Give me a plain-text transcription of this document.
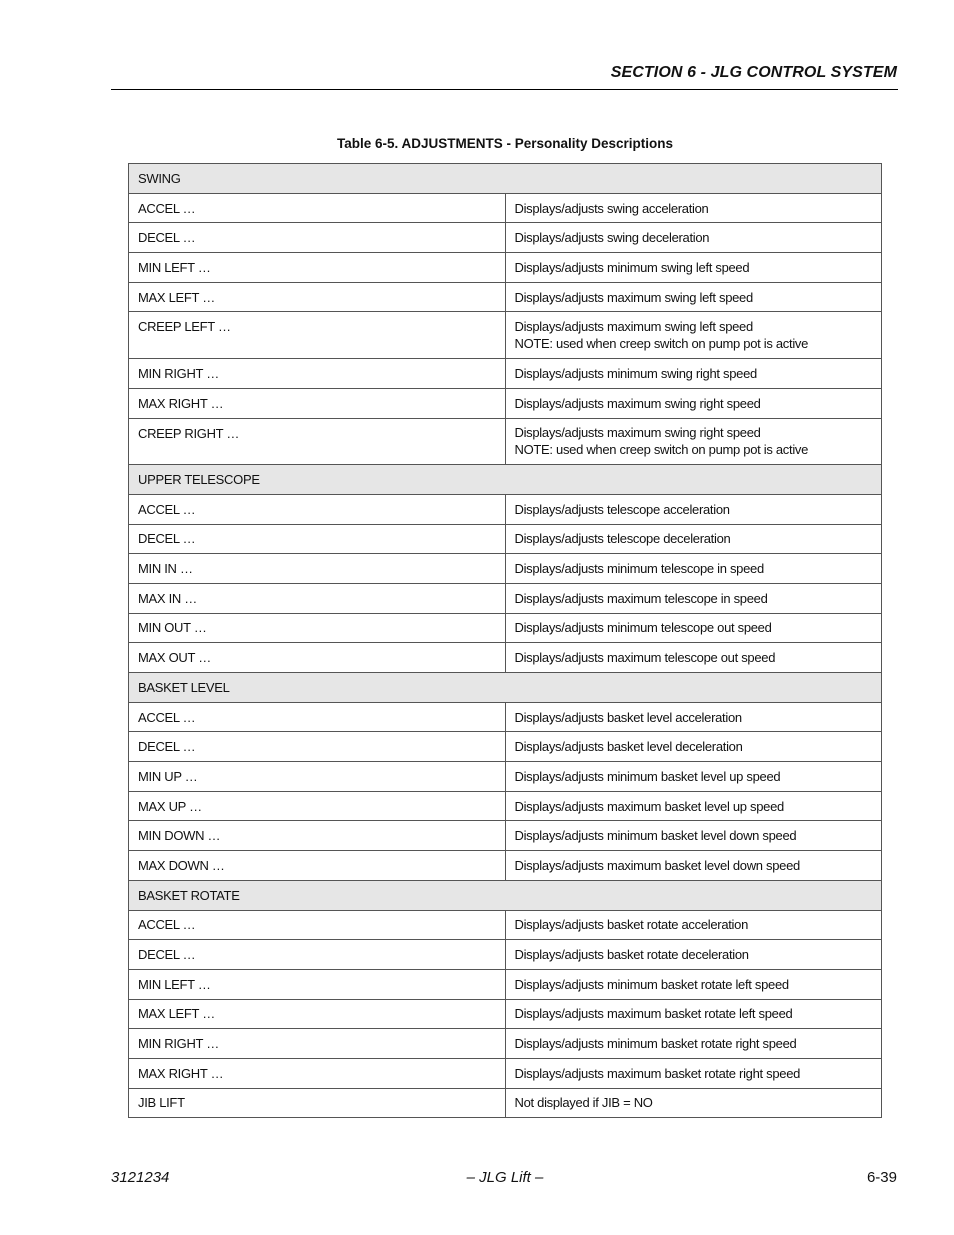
SECTION 6 - JLG CONTROL SYSTEM
Table 6-5. ADJUSTMENTS - Personality Descriptions
SWING	
ACCEL …	Displays/adjusts swing acceleration

DECEL …	Displays/adjusts swing deceleration

MIN LEFT …	Displays/adjusts minimum swing left speed

MAX LEFT …	Displays/adjusts maximum swing left speed

CREEP LEFT …	Displays/adjusts maximum swing left speed
NOTE: used when creep switch on pump pot is active

MIN RIGHT …	Displays/adjusts minimum swing right speed

MAX RIGHT …	Displays/adjusts maximum swing right speed

CREEP RIGHT …	Displays/adjusts maximum swing right speed
NOTE: used when creep switch on pump pot is active

UPPER TELESCOPE	
ACCEL …	Displays/adjusts telescope acceleration

DECEL …	Displays/adjusts telescope deceleration

MIN IN …	Displays/adjusts minimum telescope in speed

MAX IN …	Displays/adjusts maximum telescope in speed

MIN OUT …	Displays/adjusts minimum telescope out speed

MAX OUT …	Displays/adjusts maximum telescope out speed

BASKET LEVEL	
ACCEL …	Displays/adjusts basket level acceleration

DECEL …	Displays/adjusts basket level deceleration

MIN UP …	Displays/adjusts minimum basket level up speed

MAX UP …	Displays/adjusts maximum basket level up speed

MIN DOWN …	Displays/adjusts minimum basket level down speed

MAX DOWN …	Displays/adjusts maximum basket level down speed

BASKET ROTATE	
ACCEL …	Displays/adjusts basket rotate acceleration

DECEL …	Displays/adjusts basket rotate deceleration

MIN LEFT …	Displays/adjusts minimum basket rotate left speed

MAX LEFT …	Displays/adjusts maximum basket rotate left speed

MIN RIGHT …	Displays/adjusts minimum basket rotate right speed

MAX RIGHT …	Displays/adjusts maximum basket rotate right speed

JIB LIFT	Not displayed if JIB = NO
3121234	– JLG Lift –	6-39
